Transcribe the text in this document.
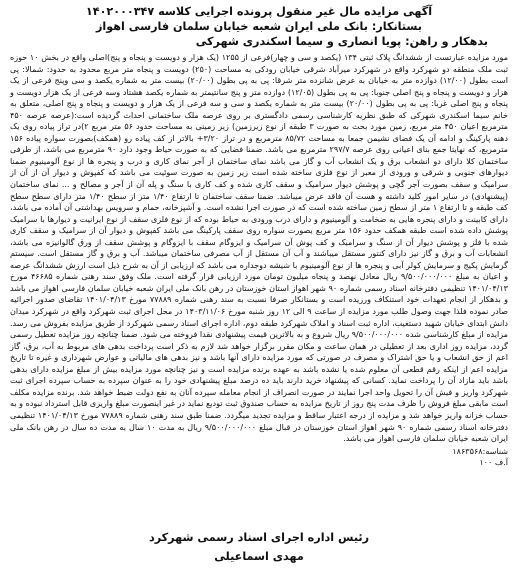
آگهی مزایده مال غیر منقول پرونده اجرایی کلاسه ۱۴۰۲۰۰۰۳۴۷
بستانکار: بانک ملی ایران شعبه خیابان سلمان فارسی اهواز
بدهکار و راهن: پویا انصاری و سیما اسکندری شهرکی
مورد مزایده عبارتست از ششدانگ پلاک ثبتی ۱۳۴ (یکصد و سی و چهار)فرعی از ۱۲۵۵ (یک هزار و دویست و پنجاه و پنج)اصلی واقع در بخش ۱۰ حوزه ثبت ملک منطقه دو شهرکرد واقع در شهرکرد میرآباد شرقی خیابان رودکی به مساحت (۲۵۰) دویست و پنجاه متر مربع محدود به حدود: شمالا: پی است بطول (۱۲/۰۰) دوازده متر به خیابان به عرض شانزده متر شرقا: پی به پی بطول (۲۰/۰۰) بیست متر به شماره یکصد و سی وپنج فرعی از یک هزار و دویست و پنجاه و پنج اصلی جنوبا: پی به پی بطول (۱۲/۰۵) دوازده متر و پنج سانتیمتر به شماره یکصد هشتاد وسه فرعی از یک هزار دویست و پنجاه و پنج اصلی غربا: پی به پی بطول (۲۰/۰۰) بیست متر به شماره یکصد و سی و سه فرعی از یک هزار و دویست و پنجاه و پنج اصلی، متعلق به خانم سیما اسکندری شهرکی که طبق نظریه کارشناسی رسمی دادگستری بر روی عرصه ملک ساختمانی احداث گردیده است:(عرصه عرصه ۴۵۰ مترمربع اعیان ۴۵۰ متر مربع، زمین مورد بحث به صورت ۳ طبقه از نوع زیرزمین) زیر زمینی به مساحت حدود ۵۶ متر مربع ۲)در تراز پیاده روی یک دهنه پارکینگ و ادامه آن یک فضای نشیمن جمعا به مساحت ۸۵/۷۲ مترمربع و در تراز ۳/۲۰+ بالاتر از کف پیاده رو (همکف)بصورت سواره پیاده ۱۵۶ مترمربع، که نهایتا جمع بنای اعیانی روی عرصه ۲۹۷/۷ مترمربع می باشد. ضمنا فضایی که به صورت حیاط وجود دارد ۹۰ مترمربع می باشد، از طرفی ساختمان کلا دارای دو انشعاب برق و یک انشعاب آب و گاز می باشد نمای ساختمان از آجر نمای کاری و درب و پنجره ها از نوع آلومینیوم ضمنا دیوارهای جنوبی و شرقی و ورودی از معبر از نوع فلزی ساخته شده است زیر زمین به صورت سوئیت می باشد که کفپوش و دیوار آن از آن از سرامیک و سقف بصورت آجر گچی و پوشش دیوار سرامیک و سقف کاری شده و کف کاری با سنگ و پله آن از آجر و مصالح و ... نمای ساختمان (پیشنهادی) در سایر امور کلید داشته و هست آن فاقد عرض میباشد. ضمنا سقف ساختمان تا ارتفاع ۱/۴۰ متر از سطح ۱/۴۰ متر دارای سطح سطح کف طبقه و تا ارتفاع ۱ متر از سطح زمین ساخته شده است که در صورت اجرا نشده است. و آشپزخانه، حمام و سرویس بهداشتی آن آماده می باشد، دارای کابینت و دارای پنجره هایی به ضخامت و آلومینیوم و دارای درب ورودی به حیاط بوده که از نوع فلزی سقف از نوع ایرانیت و دیوارها با سرامیک پوشش داده شده است طبقه همکف حدود ۱۵۶ متر مربع بصورت سواره روی سقف پارکینگ می باشد کفپوش و دیوار آن از سرامیک و سقف کاری شده با فلز و پوشش دیوار آن از سنگ و سرامیک و کف پوش آن سرامیک و ایزوگام سقف با ایزوگام و پوشش سقف از ورق گالوانیزه می باشد، انشعابات آب و برق و گاز نیز دارای کنتور مستقل میباشند و آب آن مستقل از آب مصرفی ساختمان میباشد. آب و برق و گاز مستقل است. سیستم گرمایش پکیج و سرمایش کولر آبی و پنجره ها از نوع آلومینیوم با شیشه دوجداره می باشد که ارزیابی از آن به شرح ذیل است ارزش ششدانگ عرصه و اعیان به مبلغ ۹/۵۰۰/۰۰۰/۰۰۰ ریال معادل نهصد و پنجاه میلیون تومان مورد ارزیابی قرار گرفته است. ملک وفق سند رهنی شماره ۴۶۶۸۵ مورخ ۱۴۰۱/۰۴/۱۳ تنظیمی دفترخانه اسناد رسمی شماره ۹۰ شهر اهواز استان خوزستان در رهن بانک ملی ایران شعبه خیابان سلمان فارسی اهواز می باشد و بدهکار از انجام تعهدات خود استنکاف ورزیده است و بستانکار صرفا نسبت به سند رهنی شماره ۷۷۸۸۹ مورخ ۱۴۰۱/۰۴/۱۳ تقاضای صدور اجرائیه صادر نموده فلذا جهت وصول طلب مورد مزایده از ساعت ۹ الی ۱۲ روز شنبه مورخ ۱۴۰۳/۱۱/۰۶ در محل اجرای ثبت شهرکرد واقع در شهرکرد میدان دانش ابتدای خیابان شهید دستغیب، اداره ثبت اسناد و املاک شهرکرد طبقه دوم، اداره اجرای اسناد رسمی شهرکرد از طریق مزایده بفروش می رسد. مزایده از مبلغ کارشناسی شده ۹/۵۰۰/۰۰۰/۰۰۰ ریال شروع و به بالاترین قیمت پیشنهادی نقدا فروخته می شود. ضمنا چنانچه روز مزایده تعطیل رسمی گردد، مزایده روز اداری بعد از تعطیلی در همان ساعت و مکان مقرر برگزار خواهد شد لازم به ذکر است پرداخت بدهی های مربوط به آب، برق، گاز اعم از حق انشعاب و یا حق اشتراک و مصرف در صورتی که مورد مزایده دارای آنها باشد و نیز بدهی های مالیاتی و عوارض شهرداری و غیره تا تاریخ مزایده اعم از اینکه رقم قطعی آن معلوم شده یا نشده باشد به عهده برنده مزایده است و نیز چنانچه مورد مزایده بیش از مبلغ مزایده دارای بدهی باشد باید مازاد آن را پرداخت نماید. کسانی که پیشنهاد خرید دارند باید ده درصد مبلغ پیشنهادی خود را به عنوان سپرده به حساب سپرده اجرای ثبت شهرکرد واریز و فیش آن را تحویل واحد اجرا نمایند در صورت انصراف از انجام معامله سپرده آنان به نفع دولت ضبط خواهد شد. برنده مزایده مکلف است مابقی مبلغ فروش را ظرف مدت پنج روز از تاریخ مزایده به حساب صندوق ثبت تودیع نماید در غیر اینصورت مبلغ واریزی قابل استرداد نبوده و به حساب خزانه واریز خواهد شد و مزایده از درجه اعتبار ساقط و مزایده تجدید میگردد. ضمنا طبق سند رهنی شماره ۷۷۸۸۹ مورخ ۱۴۰۱/۰۴/۱۳ تنظیمی دفترخانه اسناد رسمی شماره ۹۰ شهر اهواز استان خوزستان در قبال مبلغ ۹/۵۰۰/۰۰۰/۰۰۰ ریال به مدت ۱۰ سال به مدت ده سال در رهن بانک ملی ایران شعبه خیابان سلمان فارسی اهواز می باشد.
شناسه:۱۸۶۳۵۶۸
آ.ف ۱۰۰
رئیس اداره اجرای اسناد رسمی شهرکرد
مهدی اسماعیلی
